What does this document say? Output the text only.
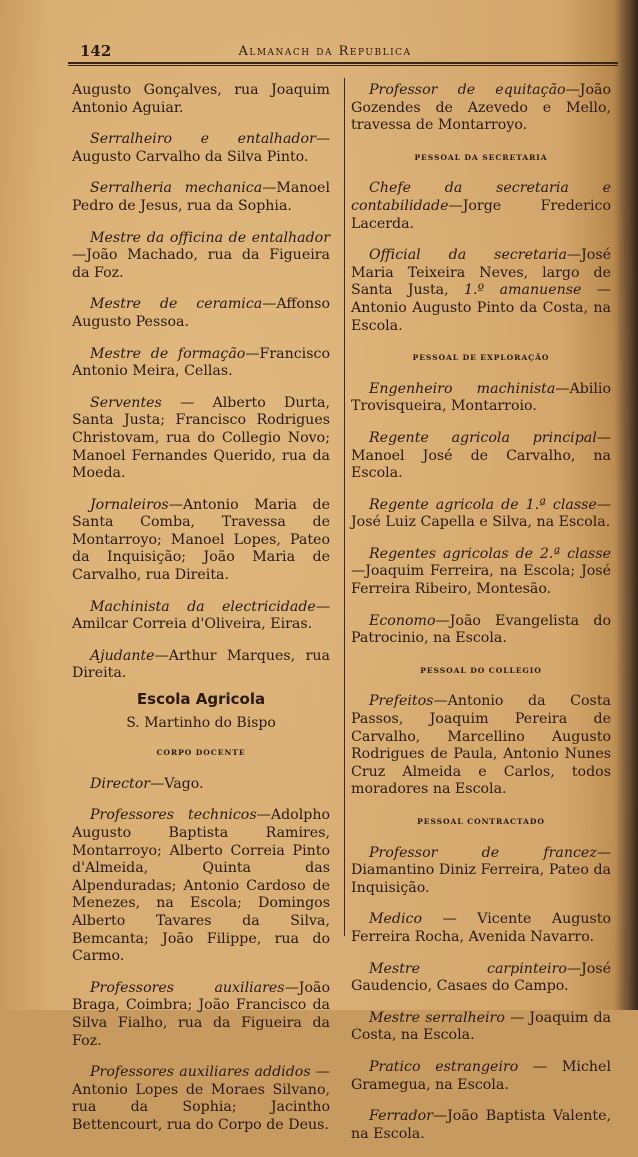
142	Almanach da Republica

Augusto Gonçalves, rua Joaquim Antonio Aguiar.

Serralheiro e entalhador—Augusto Carvalho da Silva Pinto.

Serralheria mechanica—Manoel Pedro de Jesus, rua da Sophia.

Mestre da officina de entalhador—João Machado, rua da Figueira da Foz.

Mestre de ceramica—Affonso Augusto Pessoa.

Mestre de formação—Francisco Antonio Meira, Cellas.

Serventes — Alberto Durta, Santa Justa; Francisco Rodrigues Christovam, rua do Collegio Novo; Manoel Fernandes Querido, rua da Moeda.

Jornaleiros—Antonio Maria de Santa Comba, Travessa de Montarroyo; Manoel Lopes, Pateo da Inquisição; João Maria de Carvalho, rua Direita.

Machinista da electricidade—Amilcar Correia d'Oliveira, Eiras.

Ajudante—Arthur Marques, rua Direita.

Escola Agricola
S. Martinho do Bispo
CORPO DOCENTE

Director—Vago.

Professores technicos—Adolpho Augusto Baptista Ramires, Montarroyo; Alberto Correia Pinto d'Almeida, Quinta das Alpenduradas; Antonio Cardoso de Menezes, na Escola; Domingos Alberto Tavares da Silva, Bemcanta; João Filippe, rua do Carmo.

Professores auxiliares—João Braga, Coimbra; João Francisco da Silva Fialho, rua da Figueira da Foz.

Professores auxiliares addidos — Antonio Lopes de Moraes Silvano, rua da Sophia; Jacintho Bettencourt, rua do Corpo de Deus.

Professor de equitação—João Gozendes de Azevedo e Mello, travessa de Montarroyo.

PESSOAL DA SECRETARIA

Chefe da secretaria e contabilidade—Jorge Frederico Lacerda.

Official da secretaria—José Maria Teixeira Neves, largo de Santa Justa, 1.º amanuense — Antonio Augusto Pinto da Costa, na Escola.

PESSOAL DE EXPLORAÇÃO

Engenheiro machinista—Abilio Trovisqueira, Montarroio.

Regente agricola principal—Manoel José de Carvalho, na Escola.

Regente agricola de 1.ª classe—José Luiz Capella e Silva, na Escola.

Regentes agricolas de 2.ª classe—Joaquim Ferreira, na Escola; José Ferreira Ribeiro, Montesão.

Economo—João Evangelista do Patrocinio, na Escola.

PESSOAL DO COLLEGIO

Prefeitos—Antonio da Costa Passos, Joaquim Pereira de Carvalho, Marcellino Augusto Rodrigues de Paula, Antonio Nunes Cruz Almeida e Carlos, todos moradores na Escola.

PESSOAL CONTRACTADO

Professor de francez—Diamantino Diniz Ferreira, Pateo da Inquisição.

Medico — Vicente Augusto Ferreira Rocha, Avenida Navarro.

Mestre carpinteiro—José Gaudencio, Casaes do Campo.

Mestre serralheiro — Joaquim da Costa, na Escola.

Pratico estrangeiro — Michel Gramegua, na Escola.

Ferrador—João Baptista Valente, na Escola.
